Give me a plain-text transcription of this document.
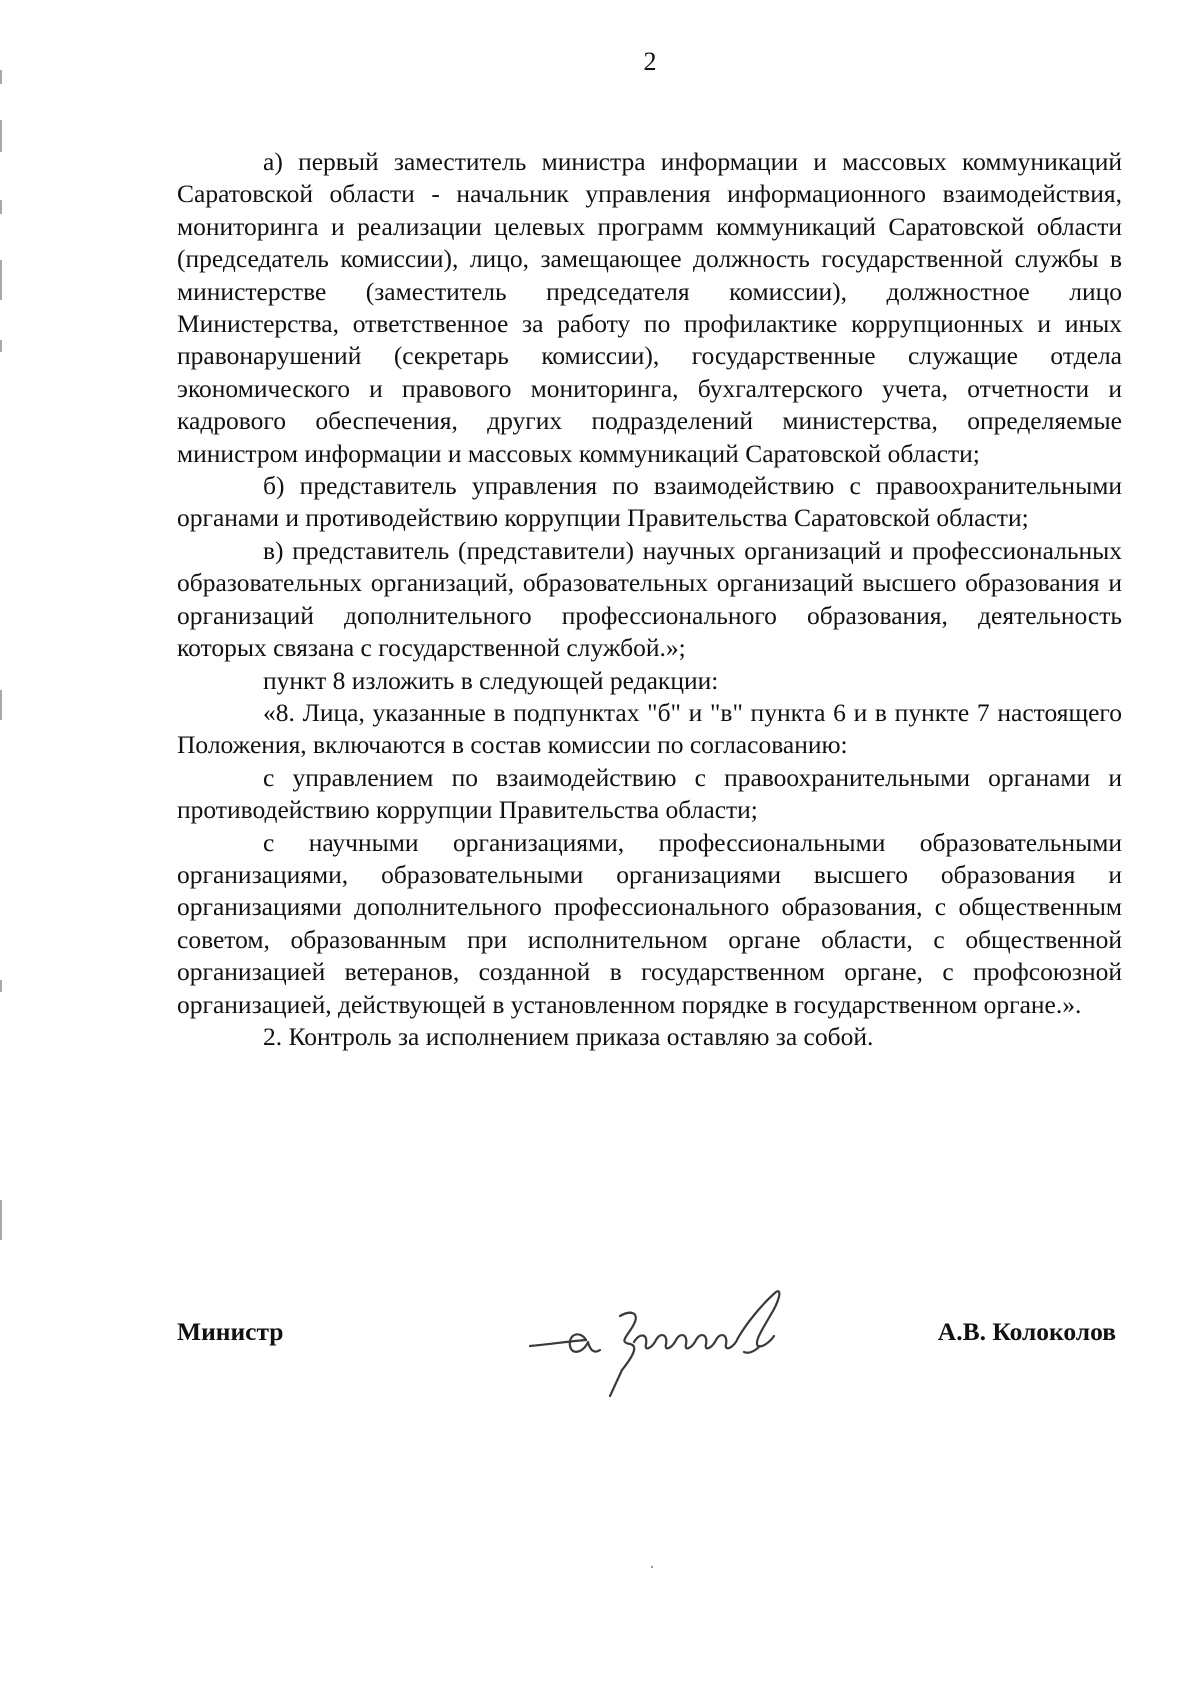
2

а) первый заместитель министра информации и массовых коммуникаций Саратовской области - начальник управления информационного взаимодействия, мониторинга и реализации целевых программ коммуникаций Саратовской области (председатель комиссии), лицо, замещающее должность государственной службы в министерстве (заместитель председателя комиссии), должностное лицо Министерства, ответственное за работу по профилактике коррупционных и иных правонарушений (секретарь комиссии), государственные служащие отдела экономического и правового мониторинга, бухгалтерского учета, отчетности и кадрового обеспечения, других подразделений министерства, определяемые министром информации и массовых коммуникаций Саратовской области;

б) представитель управления по взаимодействию с правоохранительными органами и противодействию коррупции Правительства Саратовской области;

в) представитель (представители) научных организаций и профессиональных образовательных организаций, образовательных организаций высшего образования и организаций дополнительного профессионального образования, деятельность которых связана с государственной службой.»;

пункт 8 изложить в следующей редакции:

«8. Лица, указанные в подпунктах "б" и "в" пункта 6 и в пункте 7 настоящего Положения, включаются в состав комиссии по согласованию:

с управлением по взаимодействию с правоохранительными органами и противодействию коррупции Правительства области;

с научными организациями, профессиональными образовательными организациями, образовательными организациями высшего образования и организациями дополнительного профессионального образования, с общественным советом, образованным при исполнительном органе области, с общественной организацией ветеранов, созданной в государственном органе, с профсоюзной организацией, действующей в установленном порядке в государственном органе.».

2. Контроль за исполнением приказа оставляю за собой.

Министр	А.В. Колоколов
